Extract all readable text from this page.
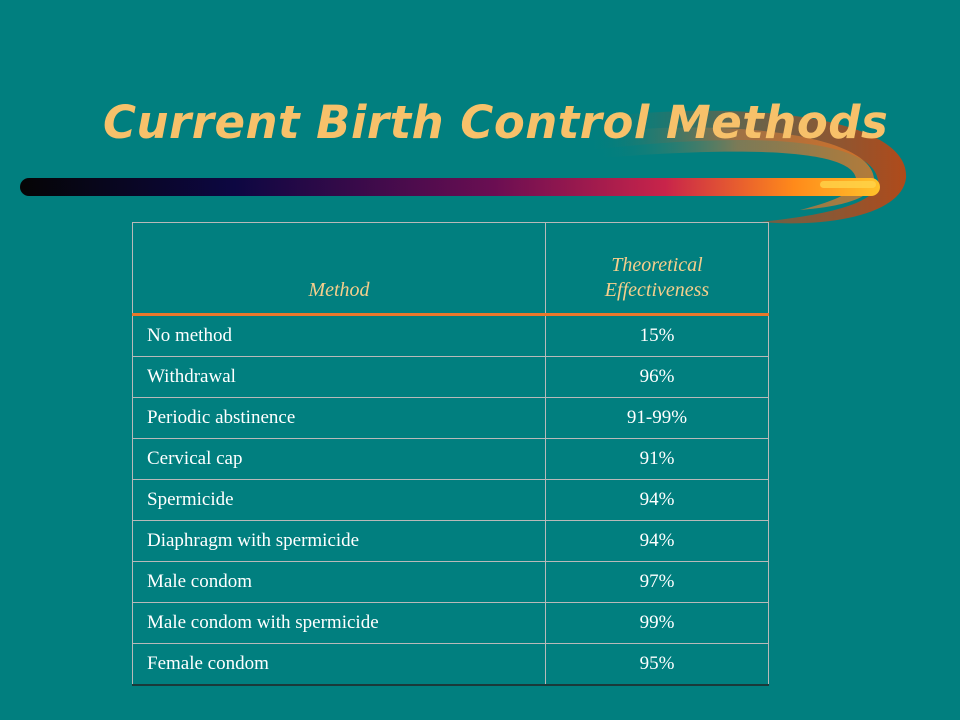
Current Birth Control Methods
Method	Theoretical Effectiveness
No method	15%
Withdrawal	96%
Periodic abstinence	91-99%
Cervical cap	91%
Spermicide	94%
Diaphragm with spermicide	94%
Male condom	97%
Male condom with spermicide	99%
Female condom	95%
